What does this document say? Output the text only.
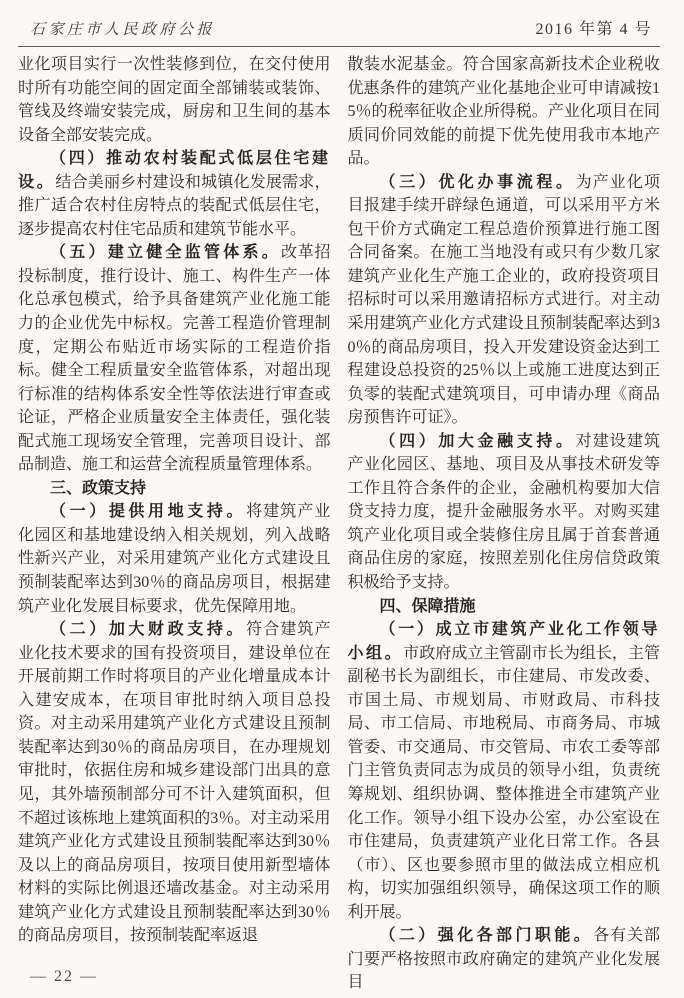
石家庄市人民政府公报	2016 年第 4 号

业化项目实行一次性装修到位，在交付使用时所有功能空间的固定面全部铺装或装饰、管线及终端安装完成，厨房和卫生间的基本设备全部安装完成。

（四）推动农村装配式低层住宅建设。结合美丽乡村建设和城镇化发展需求，推广适合农村住房特点的装配式低层住宅，逐步提高农村住宅品质和建筑节能水平。

（五）建立健全监管体系。改革招投标制度，推行设计、施工、构件生产一体化总承包模式，给予具备建筑产业化施工能力的企业优先中标权。完善工程造价管理制度，定期公布贴近市场实际的工程造价指标。健全工程质量安全监管体系，对超出现行标准的结构体系安全性等依法进行审查或论证，严格企业质量安全主体责任，强化装配式施工现场安全管理，完善项目设计、部品制造、施工和运营全流程质量管理体系。

三、政策支持

（一）提供用地支持。将建筑产业化园区和基地建设纳入相关规划，列入战略性新兴产业，对采用建筑产业化方式建设且预制装配率达到30％的商品房项目，根据建筑产业化发展目标要求，优先保障用地。

（二）加大财政支持。符合建筑产业化技术要求的国有投资项目，建设单位在开展前期工作时将项目的产业化增量成本计入建安成本，在项目审批时纳入项目总投资。对主动采用建筑产业化方式建设且预制装配率达到30％的商品房项目，在办理规划审批时，依据住房和城乡建设部门出具的意见，其外墙预制部分可不计入建筑面积，但不超过该栋地上建筑面积的3％。对主动采用建筑产业化方式建设且预制装配率达到30％及以上的商品房项目，按项目使用新型墙体材料的实际比例退还墙改基金。对主动采用建筑产业化方式建设且预制装配率达到30％的商品房项目，按预制装配率返退

散装水泥基金。符合国家高新技术企业税收优惠条件的建筑产业化基地企业可申请减按15％的税率征收企业所得税。产业化项目在同质同价同效能的前提下优先使用我市本地产品。

（三）优化办事流程。为产业化项目报建手续开辟绿色通道，可以采用平方米包干价方式确定工程总造价预算进行施工图合同备案。在施工当地没有或只有少数几家建筑产业化生产施工企业的，政府投资项目招标时可以采用邀请招标方式进行。对主动采用建筑产业化方式建设且预制装配率达到30％的商品房项目，投入开发建设资金达到工程建设总投资的25％以上或施工进度达到正负零的装配式建筑项目，可申请办理《商品房预售许可证》。

（四）加大金融支持。对建设建筑产业化园区、基地、项目及从事技术研发等工作且符合条件的企业，金融机构要加大信贷支持力度，提升金融服务水平。对购买建筑产业化项目或全装修住房且属于首套普通商品住房的家庭，按照差别化住房信贷政策积极给予支持。

四、保障措施

（一）成立市建筑产业化工作领导小组。市政府成立主管副市长为组长，主管副秘书长为副组长，市住建局、市发改委、市国土局、市规划局、市财政局、市科技局、市工信局、市地税局、市商务局、市城管委、市交通局、市交管局、市农工委等部门主管负责同志为成员的领导小组，负责统筹规划、组织协调、整体推进全市建筑产业化工作。领导小组下设办公室，办公室设在市住建局，负责建筑产业化日常工作。各县（市）、区也要参照市里的做法成立相应机构，切实加强组织领导，确保这项工作的顺利开展。

（二）强化各部门职能。各有关部门要严格按照市政府确定的建筑产业化发展目

— 22 —
